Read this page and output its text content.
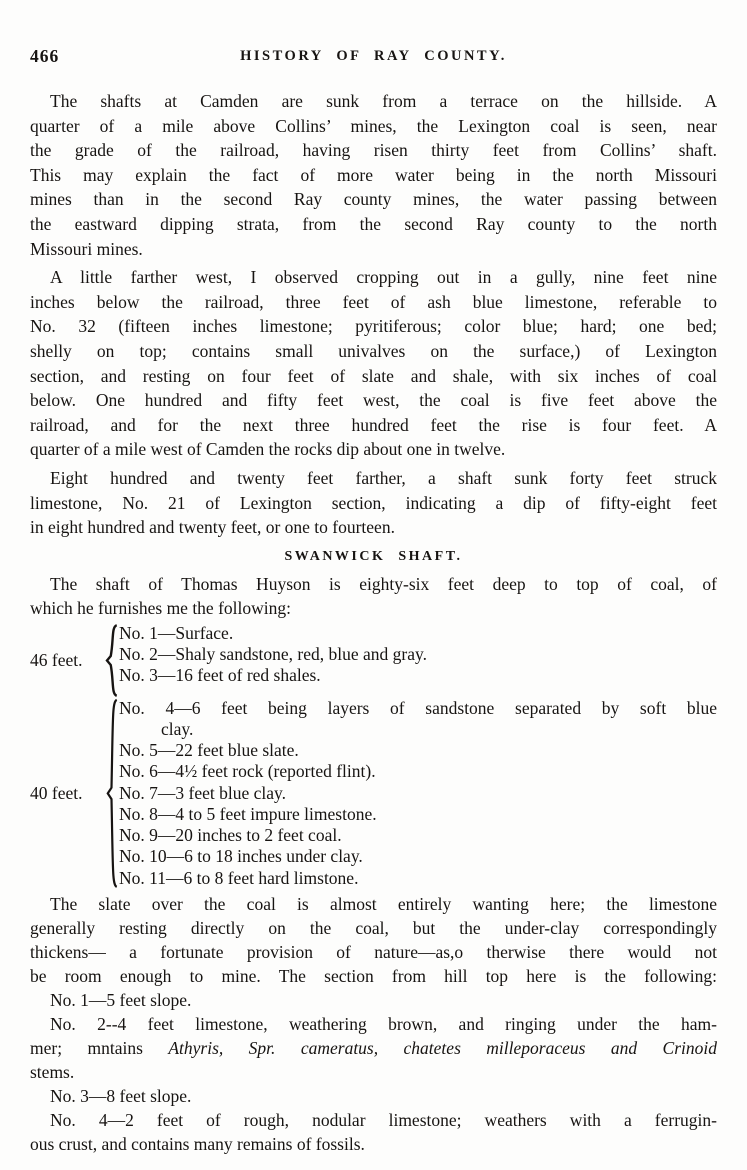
466	HISTORY OF RAY COUNTY.
The shafts at Camden are sunk from a terrace on the hillside. A
quarter of a mile above Collins’ mines, the Lexington coal is seen, near
the grade of the railroad, having risen thirty feet from Collins’ shaft.
This may explain the fact of more water being in the north Missouri
mines than in the second Ray county mines, the water passing between
the eastward dipping strata, from the second Ray county to the north
Missouri mines.
A little farther west, I observed cropping out in a gully, nine feet nine
inches below the railroad, three feet of ash blue limestone, referable to
No. 32 (fifteen inches limestone; pyritiferous; color blue; hard; one bed;
shelly on top; contains small univalves on the surface,) of Lexington
section, and resting on four feet of slate and shale, with six inches of coal
below. One hundred and fifty feet west, the coal is five feet above the
railroad, and for the next three hundred feet the rise is four feet. A
quarter of a mile west of Camden the rocks dip about one in twelve.
Eight hundred and twenty feet farther, a shaft sunk forty feet struck
limestone, No. 21 of Lexington section, indicating a dip of fifty-eight feet
in eight hundred and twenty feet, or one to fourteen.
SWANWICK SHAFT.
The shaft of Thomas Huyson is eighty-six feet deep to top of coal, of
which he furnishes me the following:
46 feet.
No. 1—Surface.
No. 2—Shaly sandstone, red, blue and gray.
No. 3—16 feet of red shales.
40 feet.
No. 4—6 feet being layers of sandstone separated by soft blue
clay.
No. 5—22 feet blue slate.
No. 6—4½ feet rock (reported flint).
No. 7—3 feet blue clay.
No. 8—4 to 5 feet impure limestone.
No. 9—20 inches to 2 feet coal.
No. 10—6 to 18 inches under clay.
No. 11—6 to 8 feet hard limstone.
The slate over the coal is almost entirely wanting here; the limestone
generally resting directly on the coal, but the under-clay correspondingly
thickens— a fortunate provision of nature—as,o therwise there would not
be room enough to mine. The section from hill top here is the following:
No. 1—5 feet slope.
No. 2--4 feet limestone, weathering brown, and ringing under the ham-
mer; mntains Athyris, Spr. cameratus, chatetes milleporaceus and Crinoid
stems.
No. 3—8 feet slope.
No. 4—2 feet of rough, nodular limestone; weathers with a ferrugin-
ous crust, and contains many remains of fossils.
